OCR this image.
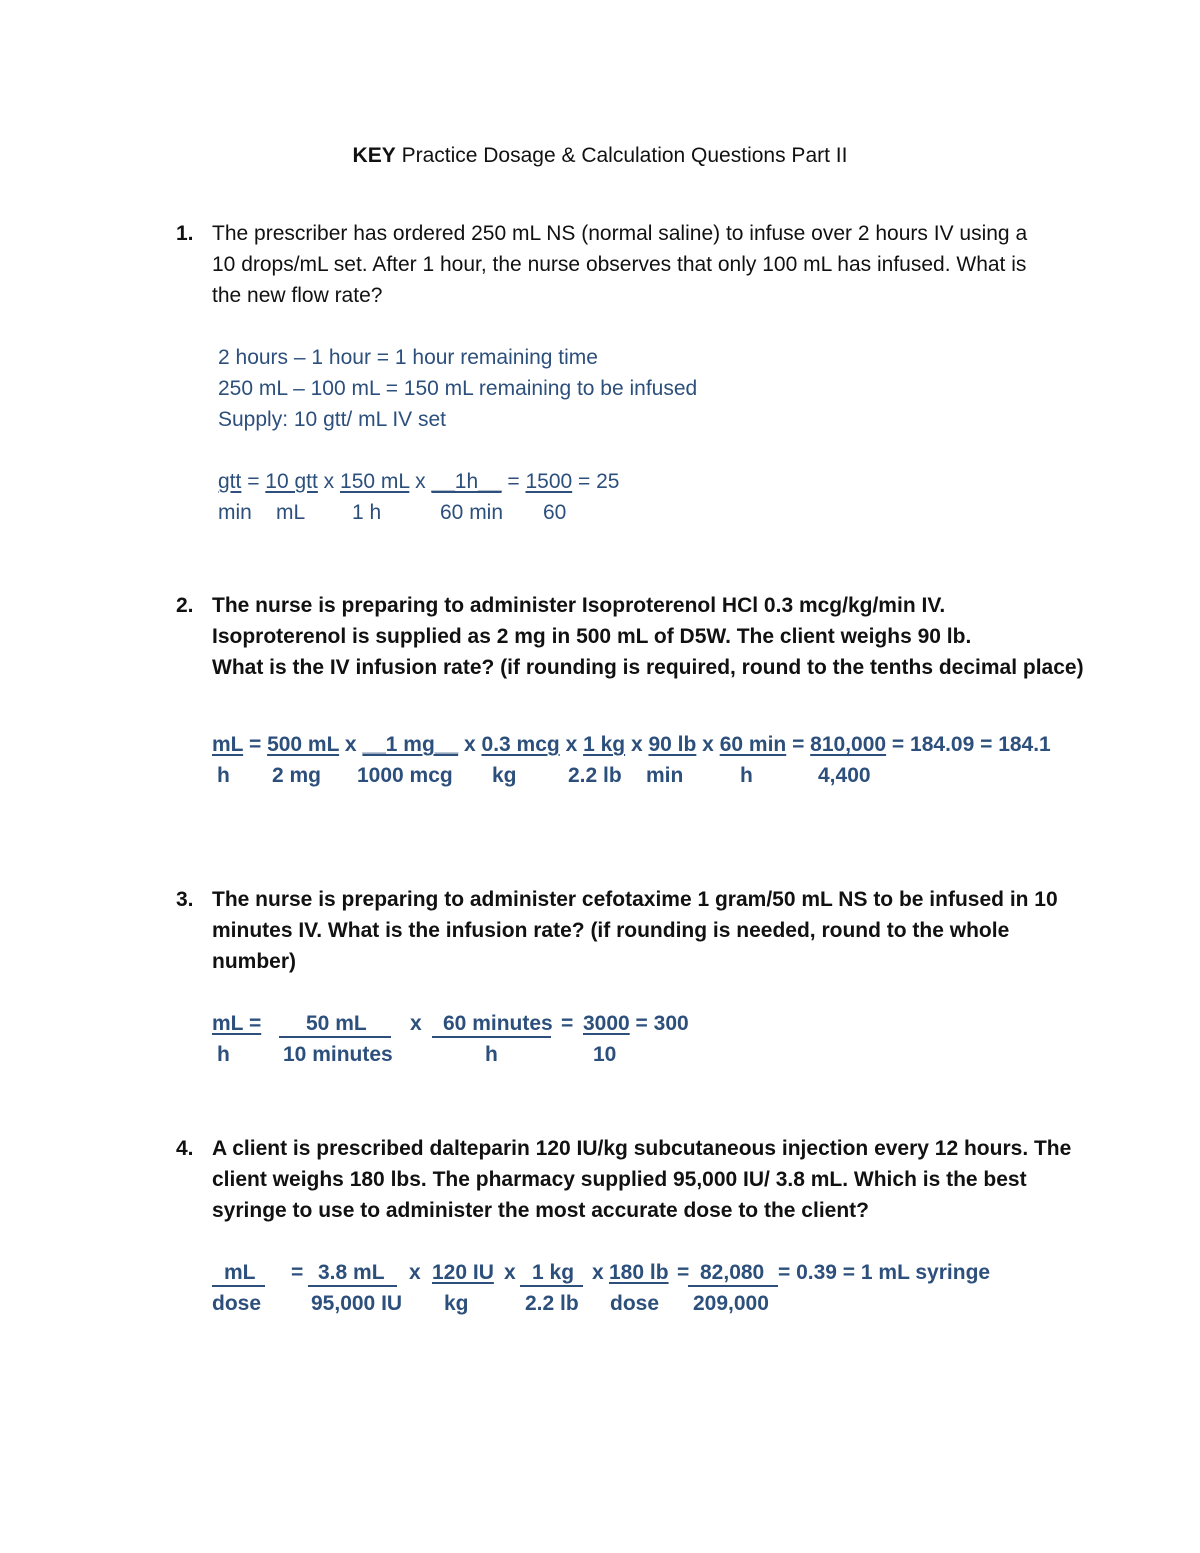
KEY Practice Dosage & Calculation Questions Part II
1. The prescriber has ordered 250 mL NS (normal saline) to infuse over 2 hours IV using a
10 drops/mL set. After 1 hour, the nurse observes that only 100 mL has infused. What is
the new flow rate?
2 hours – 1 hour = 1 hour remaining time
250 mL – 100 mL = 150 mL remaining to be infused
Supply: 10 gtt/ mL IV set
gtt = 10 gtt x 150 mL x __1h__ = 1500 = 25
min mL 1 h	60 min 60
2. The nurse is preparing to administer Isoproterenol HCl 0.3 mcg/kg/min IV.
Isoproterenol is supplied as 2 mg in 500 mL of D5W. The client weighs 90 lb.
What is the IV infusion rate? (if rounding is required, round to the tenths decimal place)
mL = 500 mL x __1 mg__ x 0.3 mcg x 1 kg x 90 lb x 60 min = 810,000 = 184.09 = 184.1
h 2 mg 1000 mcg kg 2.2 lb min	h	4,400
3. The nurse is preparing to administer cefotaxime 1 gram/50 mL NS to be infused in 10
minutes IV. What is the infusion rate? (if rounding is needed, round to the whole
number)
mL = 50 mL x 60 minutes = 3000 = 300
h	10 minutes	h	10
4. A client is prescribed dalteparin 120 IU/kg subcutaneous injection every 12 hours. The
client weighs 180 lbs. The pharmacy supplied 95,000 IU/ 3.8 mL. Which is the best
syringe to use to administer the most accurate dose to the client?
mL = 3.8 mL x 120 IU x 1 kg x 180 lb = 82,080 = 0.39 = 1 mL syringe
dose 95,000 IU kg	2.2 lb dose 209,000
